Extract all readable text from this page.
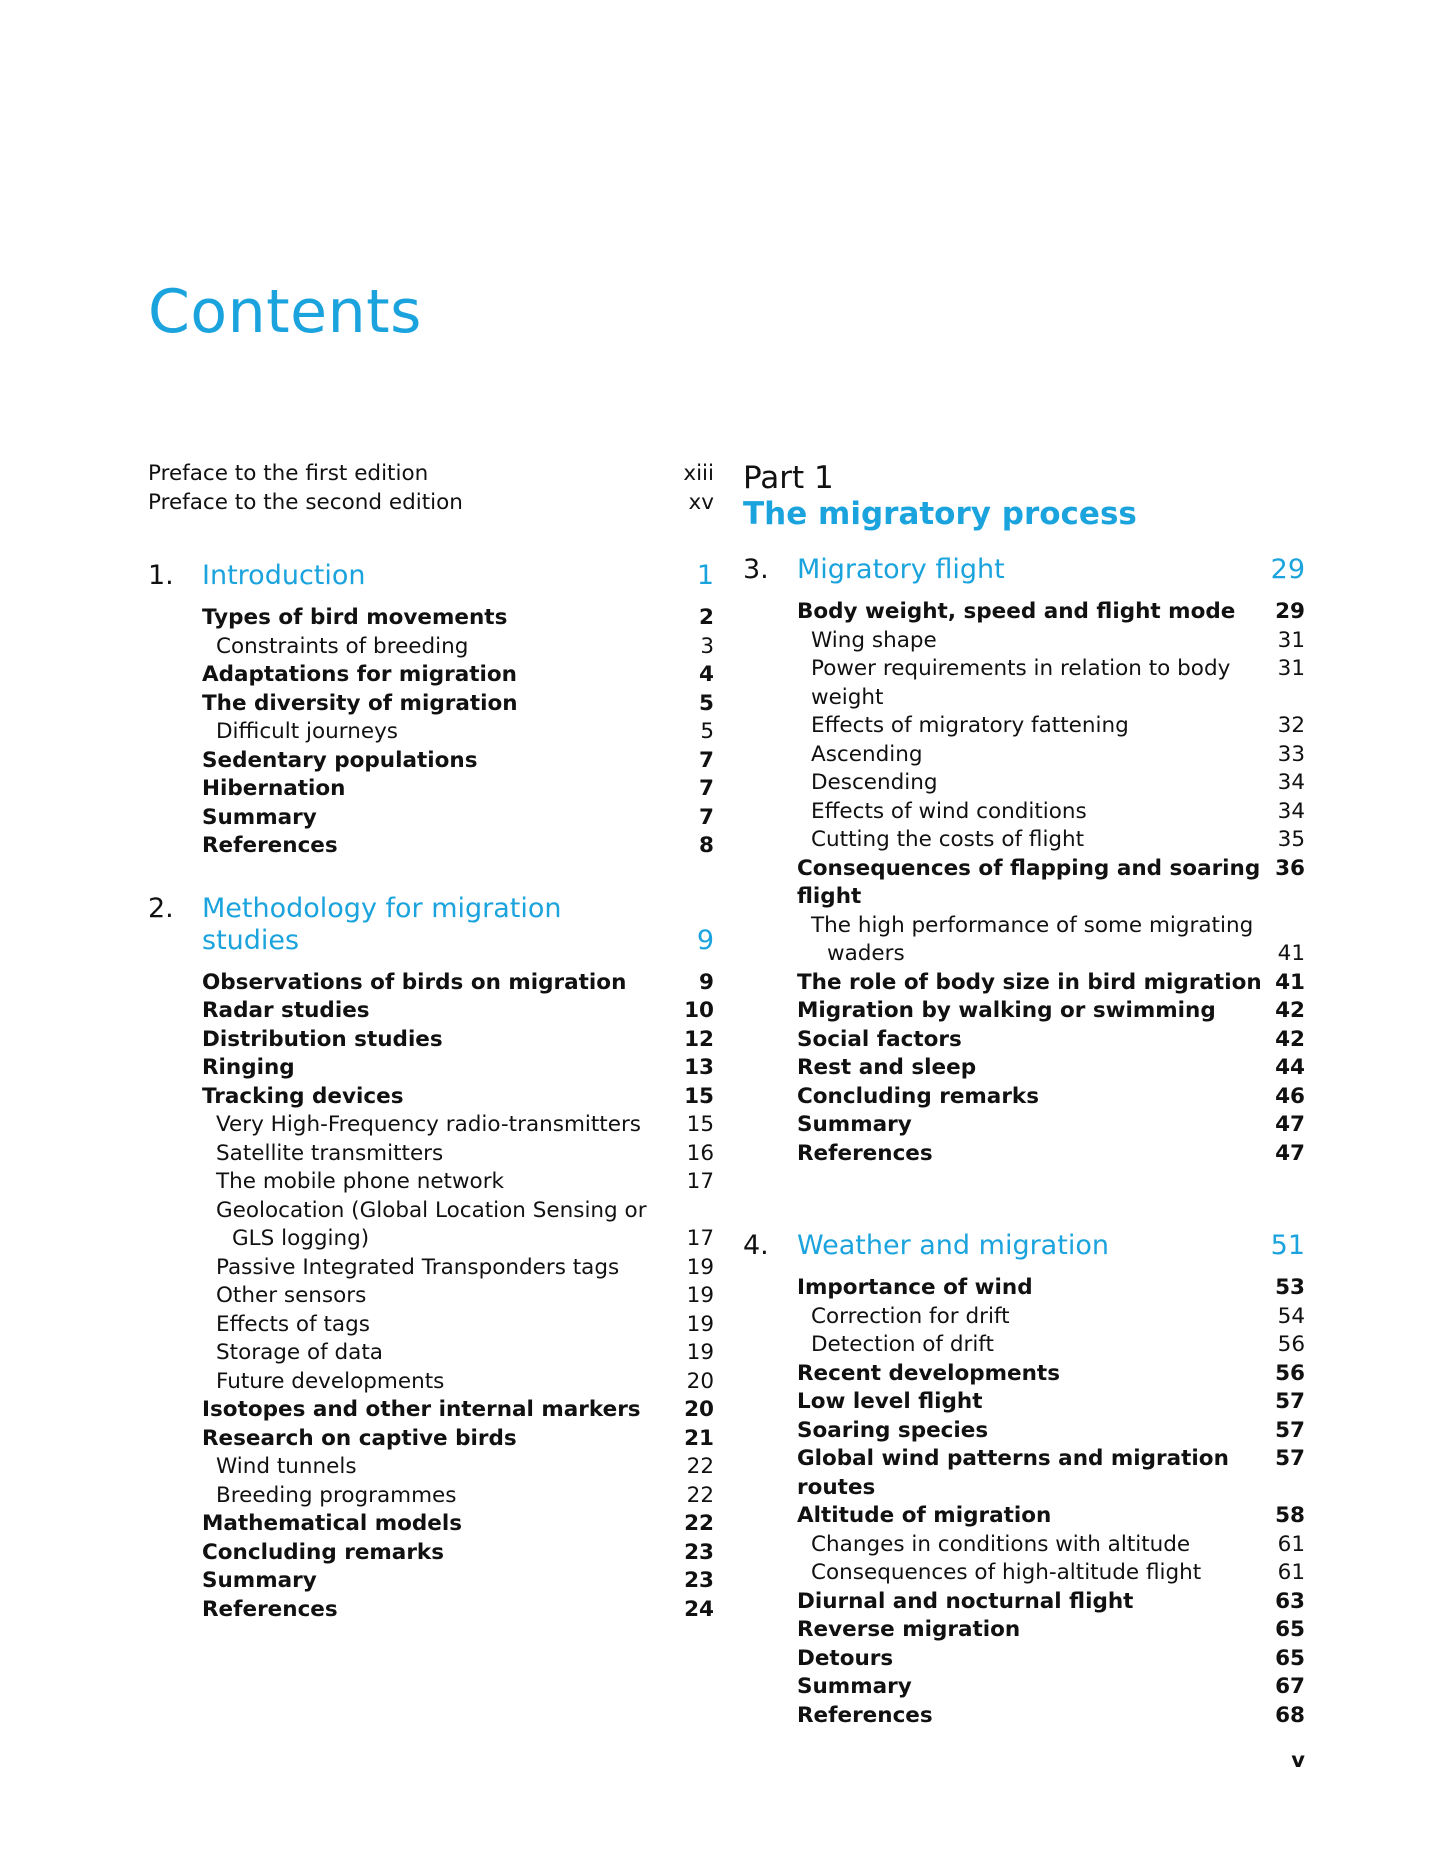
Contents
Preface to the first edition	xiii
Preface to the second edition	xv
1.	Introduction	1
Types of bird movements	2
Constraints of breeding	3
Adaptations for migration	4
The diversity of migration	5
Difficult journeys	5
Sedentary populations	7
Hibernation	7
Summary	7
References	8
2.	Methodology for migration
studies	9
Observations of birds on migration	9
Radar studies	10
Distribution studies	12
Ringing	13
Tracking devices	15
Very High-Frequency radio-transmitters	15
Satellite transmitters	16
The mobile phone network	17
Geolocation (Global Location Sensing or
GLS logging)	17
Passive Integrated Transponders tags	19
Other sensors	19
Effects of tags	19
Storage of data	19
Future developments	20
Isotopes and other internal markers	20
Research on captive birds	21
Wind tunnels	22
Breeding programmes	22
Mathematical models	22
Concluding remarks	23
Summary	23
References	24
Part 1
The migratory process
3.	Migratory flight	29
Body weight, speed and flight mode	29
Wing shape	31
Power requirements in relation to body weight
31
Effects of migratory fattening	32
Ascending	33
Descending	34
Effects of wind conditions	34
Cutting the costs of flight	35
Consequences of flapping and soaring flight
36
The high performance of some migrating
waders	41
The role of body size in bird migration 41
Migration by walking or swimming	42
Social factors	42
Rest and sleep	44
Concluding remarks	46
Summary	47
References	47
4.	Weather and migration	51
Importance of wind	53
Correction for drift	54
Detection of drift	56
Recent developments	56
Low level flight	57
Soaring species	57
Global wind patterns and migration routes
57
Altitude of migration	58
Changes in conditions with altitude	61
Consequences of high-altitude flight	61
Diurnal and nocturnal flight	63
Reverse migration	65
Detours	65
Summary	67
References	68
v
